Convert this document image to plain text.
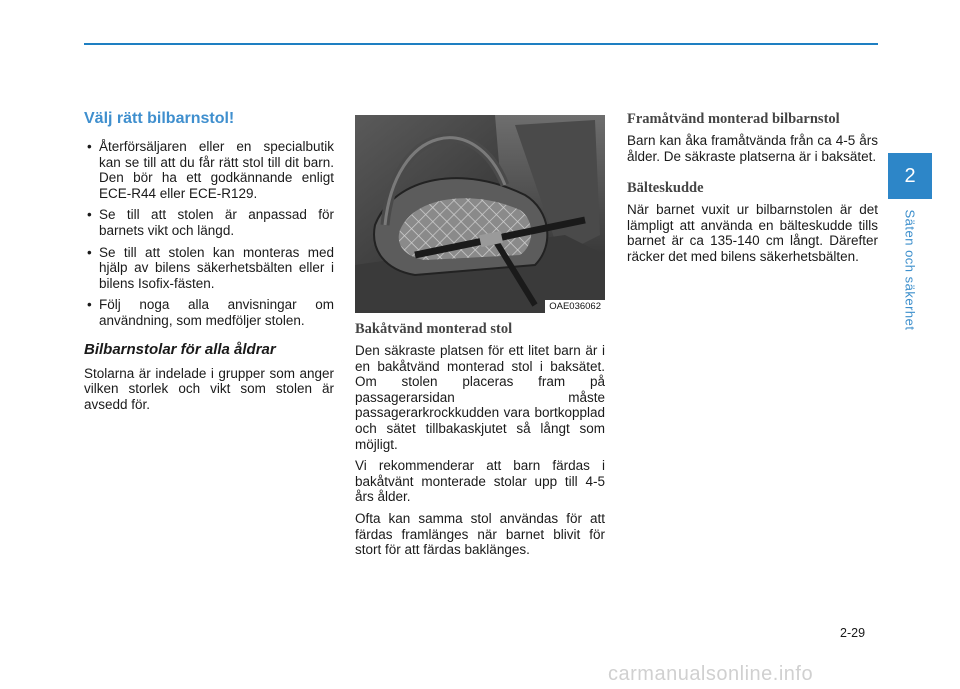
Välj rätt bilbarnstol!
• Återförsäljaren eller en specialbutik kan se till att du får rätt stol till dit barn. Den bör ha ett godkännande enligt ECE-R44 eller ECE-R129.
• Se till att stolen är anpassad för barnets vikt och längd.
• Se till att stolen kan monteras med hjälp av bilens säkerhetsbälten eller i bilens Isofix-fästen.
• Följ noga alla anvisningar om användning, som medföljer stolen.
Bilbarnstolar för alla åldrar
Stolarna är indelade i grupper som anger vilken storlek och vikt som stolen är avsedd för.
OAE036062
Bakåtvänd monterad stol
Den säkraste platsen för ett litet barn är i en bakåtvänd monterad stol i baksätet. Om stolen placeras fram på passagerarsidan måste passagerarkrockkudden vara bortkopplad och sätet tillbakaskjutet så långt som möjligt.
Vi rekommenderar att barn färdas i bakåtvänt monterade stolar upp till 4-5 års ålder.
Ofta kan samma stol användas för att färdas framlänges när barnet blivit för stort för att färdas baklänges.
Framåtvänd monterad bilbarnstol
Barn kan åka framåtvända från ca 4-5 års ålder. De säkraste platserna är i baksätet.
Bälteskudde
När barnet vuxit ur bilbarnstolen är det lämpligt att använda en bälteskudde tills barnet är ca 135-140 cm långt. Därefter räcker det med bilens säkerhetsbälten.
2
Säten och säkerhet
2-29
carmanualsonline.info
